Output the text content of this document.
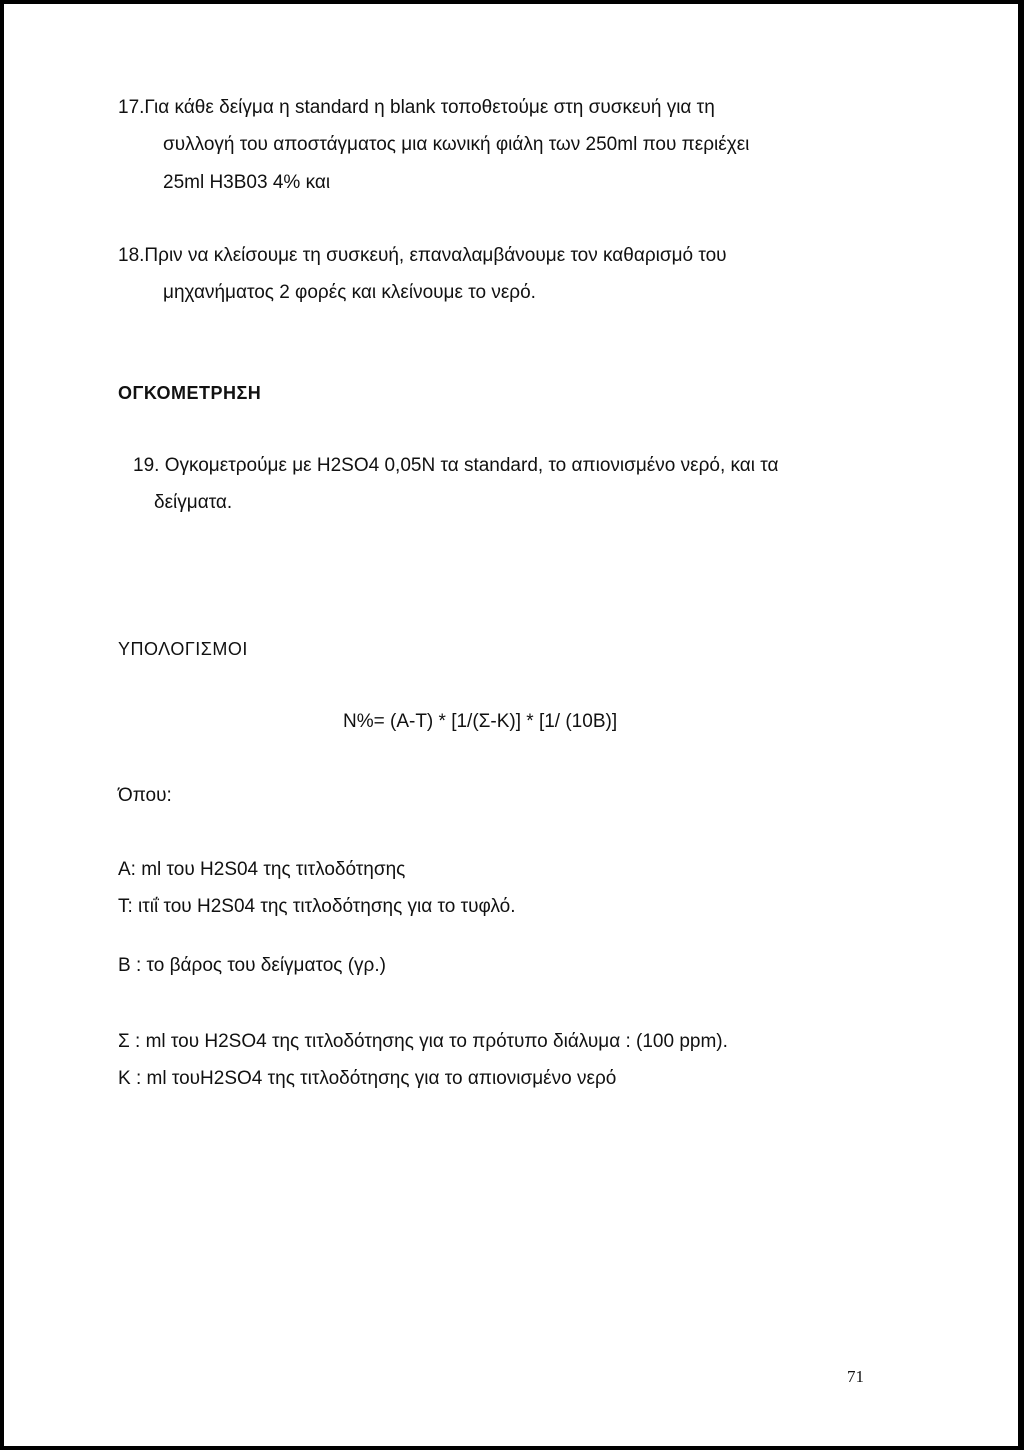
17.Για κάθε δείγμα η standard η blank τοποθετούμε στη συσκευή για τη
συλλογή του αποστάγματος μια κωνική φιάλη των 250ml που περιέχει
25ml H3B03 4% και
18.Πριν να κλείσουμε τη συσκευή, επαναλαμβάνουμε τον καθαρισμό του
μηχανήματος 2 φορές και κλείνουμε το νερό.
ΟΓΚΟΜΕΤΡΗΣΗ
19. Ογκομετρούμε με H2SO4 0,05N τα standard, το απιονισμένο νερό, και τα
δείγματα.
ΥΠΟΛΟΓΙΣΜΟΙ
N%= (A-T) * [1/(Σ-Κ)] * [1/ (10B)]
Όπου:
A: ml του H2S04 της τιτλοδότησης
T: ιτιΐ του H2S04 της τιτλοδότησης για το τυφλό.
B : το βάρος του δείγματος (γρ.)
Σ : ml του H2SO4 της τιτλοδότησης για το πρότυπο διάλυμα : (100 ppm).
Κ : ml τουH2SO4 της τιτλοδότησης για το απιονισμένο νερό
71
